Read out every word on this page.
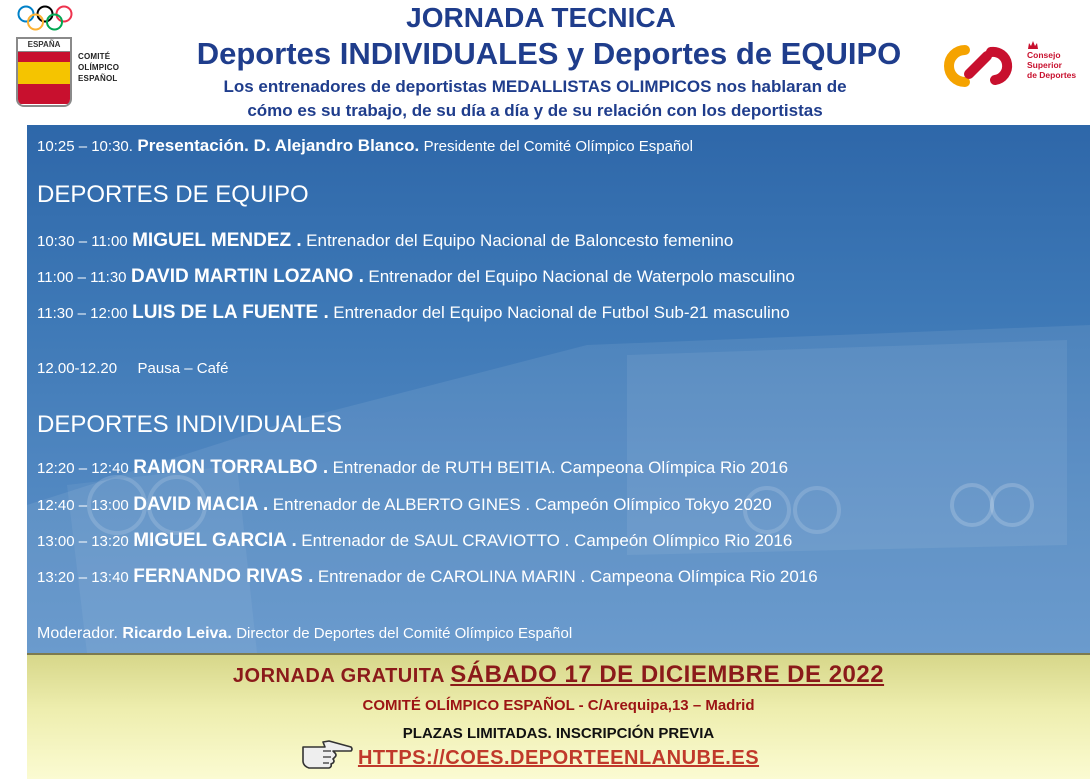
ESPAÑA
COMITÉ
OLÍMPICO
ESPAÑOL
JORNADA TECNICA
Deportes INDIVIDUALES y Deportes de EQUIPO
Los entrenadores de deportistas MEDALLISTAS OLIMPICOS nos hablaran de
cómo es su trabajo, de su día a día y de su relación con los deportistas
Consejo
Superior
de Deportes
10:25 – 10:30. Presentación. D. Alejandro Blanco. Presidente del Comité Olímpico Español
DEPORTES DE EQUIPO
10:30 – 11:00 MIGUEL MENDEZ . Entrenador del Equipo Nacional de Baloncesto femenino
11:00 – 11:30 DAVID MARTIN LOZANO . Entrenador del Equipo Nacional de Waterpolo masculino
11:30 – 12:00 LUIS DE LA FUENTE . Entrenador del Equipo Nacional de Futbol Sub-21 masculino
12.00-12.20 Pausa – Café
DEPORTES INDIVIDUALES
12:20 – 12:40 RAMON TORRALBO . Entrenador de RUTH BEITIA. Campeona Olímpica Rio 2016
12:40 – 13:00 DAVID MACIA . Entrenador de ALBERTO GINES . Campeón Olímpico Tokyo 2020
13:00 – 13:20 MIGUEL GARCIA . Entrenador de SAUL CRAVIOTTO . Campeón Olímpico Rio 2016
13:20 – 13:40 FERNANDO RIVAS . Entrenador de CAROLINA MARIN . Campeona Olímpica Rio 2016
Moderador. Ricardo Leiva. Director de Deportes del Comité Olímpico Español
JORNADA GRATUITA SÁBADO 17 DE DICIEMBRE DE 2022
COMITÉ OLÍMPICO ESPAÑOL - C/Arequipa,13 – Madrid
PLAZAS LIMITADAS. INSCRIPCIÓN PREVIA
HTTPS://COES.DEPORTEENLANUBE.ES
